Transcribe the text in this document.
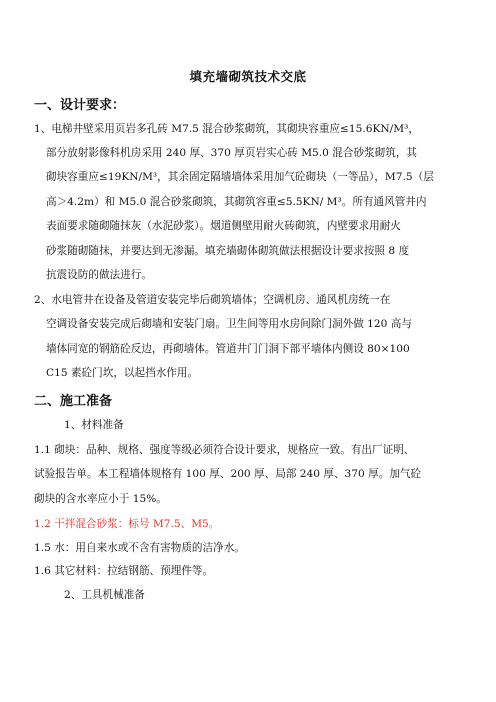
填充墙砌筑技术交底
一、设计要求：
1、电梯井壁采用页岩多孔砖 M7.5 混合砂浆砌筑，其砌块容重应≤15.6KN/M³，
部分放射影像科机房采用 240 厚、370 厚页岩实心砖 M5.0 混合砂浆砌筑，其
砌块容重应≤19KN/M³，其余固定隔墙墙体采用加气砼砌块（一等品），M7.5（层
高＞4.2m）和 M5.0 混合砂浆砌筑，其砌筑容重≤5.5KN/ M³。所有通风管井内
表面要求随砌随抹灰（水泥砂浆）。烟道侧壁用耐火砖砌筑，内壁要求用耐火
砂浆随砌随抹，并要达到无渗漏。填充墙砌体砌筑做法根据设计要求按照 8 度
抗震设防的做法进行。
2、水电管井在设备及管道安装完毕后砌筑墙体；空调机房、通风机房统一在
空调设备安装完成后砌墙和安装门扇。卫生间等用水房间除门洞外做 120 高与
墙体同宽的钢筋砼反边，再砌墙体。管道井门门洞下部平墙体内侧设 80×100
C15 素砼门坎，以起挡水作用。
二、施工准备
1、材料准备
1.1 砌块：品种、规格、强度等级必须符合设计要求，规格应一致。有出厂证明、
试验报告单。本工程墙体规格有 100 厚、200 厚、局部 240 厚、370 厚。加气砼
砌块的含水率应小于 15%。
1.2 干拌混合砂浆：标号 M7.5、M5。
1.5 水：用自来水或不含有害物质的洁净水。
1.6 其它材料：拉结钢筋、预埋件等。
2、工具机械准备
